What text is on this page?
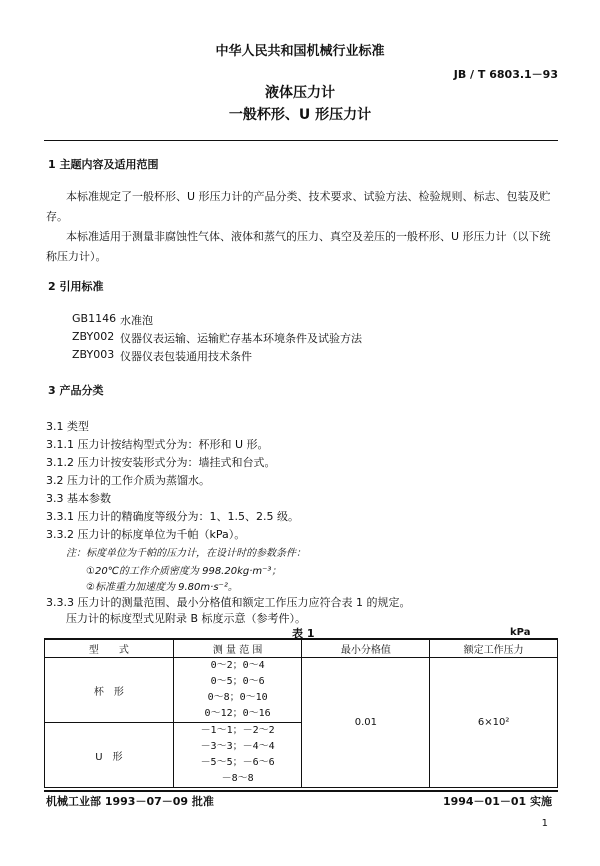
中华人民共和国机械行业标准
JB / T 6803.1－93
液体压力计
一般杯形、U 形压力计
1 主题内容及适用范围
本标准规定了一般杯形、U 形压力计的产品分类、技术要求、试验方法、检验规则、标志、包装及贮
存。
本标准适用于测量非腐蚀性气体、液体和蒸气的压力、真空及差压的一般杯形、U 形压力计（以下统
称压力计）。
2 引用标准
GB1146 水准泡
ZBY002 仪器仪表运输、运输贮存基本环境条件及试验方法
ZBY003 仪器仪表包装通用技术条件
3 产品分类
3.1 类型
3.1.1 压力计按结构型式分为：杯形和 U 形。
3.1.2 压力计按安装形式分为：墙挂式和台式。
3.2 压力计的工作介质为蒸馏水。
3.3 基本参数
3.3.1 压力计的精确度等级分为：1、1.5、2.5 级。
3.3.2 压力计的标度单位为千帕（kPa）。
注：标度单位为千帕的压力计，在设计时的参数条件：
①20℃的工作介质密度为 998.20kg·m⁻³；
②标准重力加速度为 9.80m·s⁻²。
3.3.3 压力计的测量范围、最小分格值和额定工作压力应符合表 1 的规定。
压力计的标度型式见附录 B 标度示意（参考件）。
表 1	kPa
型　　式	测 量 范 围	最小分格值	额定工作压力
杯　形	0～2；0～4
0～5；0～6
0～8；0～10
0～12；0～16	0.01	6×10²
U　形	－1～1；－2～2
－3～3；－4～4
－5～5；－6～6
－8～8		
机械工业部 1993－07－09 批准	1994－01－01 实施
1
